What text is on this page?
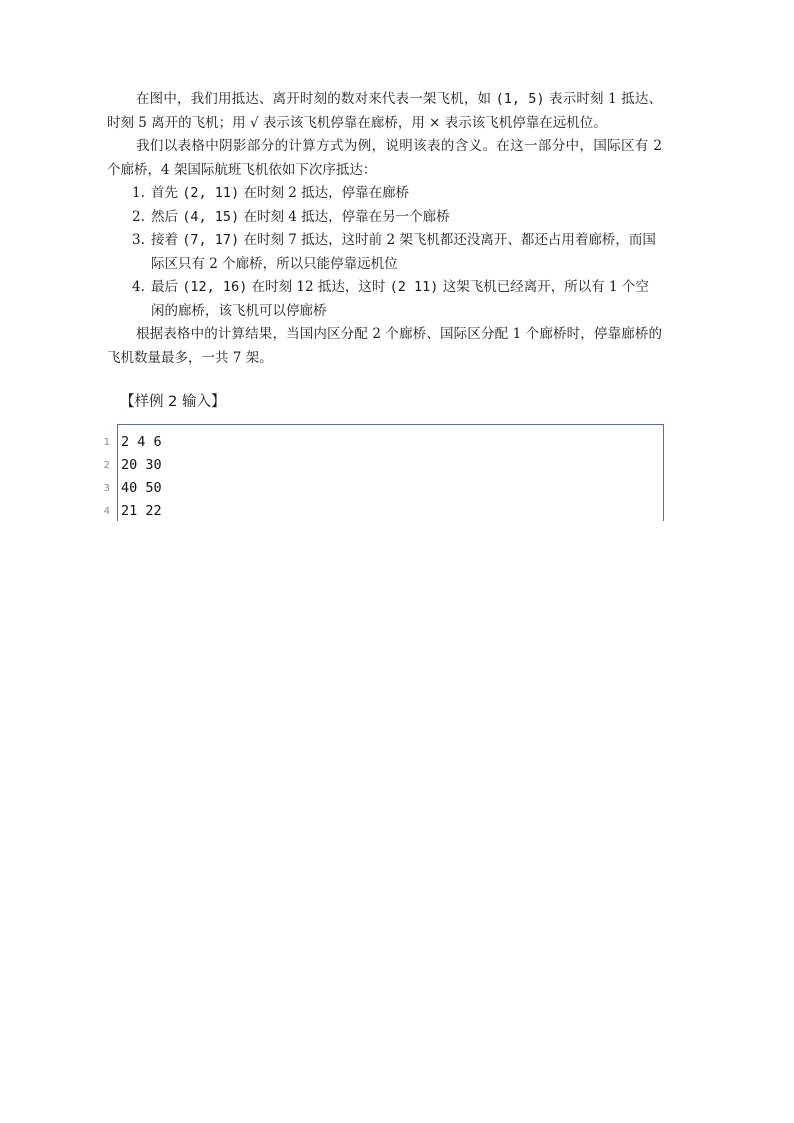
在图中，我们用抵达、离开时刻的数对来代表一架飞机，如 (1, 5) 表示时刻 1 抵达、时刻 5 离开的飞机；用 √ 表示该飞机停靠在廊桥，用 × 表示该飞机停靠在远机位。

我们以表格中阴影部分的计算方式为例，说明该表的含义。在这一部分中，国际区有 2 个廊桥，4 架国际航班飞机依如下次序抵达：

1. 首先 (2, 11) 在时刻 2 抵达，停靠在廊桥
2. 然后 (4, 15) 在时刻 4 抵达，停靠在另一个廊桥
3. 接着 (7, 17) 在时刻 7 抵达，这时前 2 架飞机都还没离开、都还占用着廊桥，而国际区只有 2 个廊桥，所以只能停靠远机位
4. 最后 (12, 16) 在时刻 12 抵达，这时 (2 11) 这架飞机已经离开，所以有 1 个空闲的廊桥，该飞机可以停廊桥

根据表格中的计算结果，当国内区分配 2 个廊桥、国际区分配 1 个廊桥时，停靠廊桥的飞机数量最多，一共 7 架。

【样例 2 输入】
1 2 4 6
2 20 30
3 40 50
4 21 22
